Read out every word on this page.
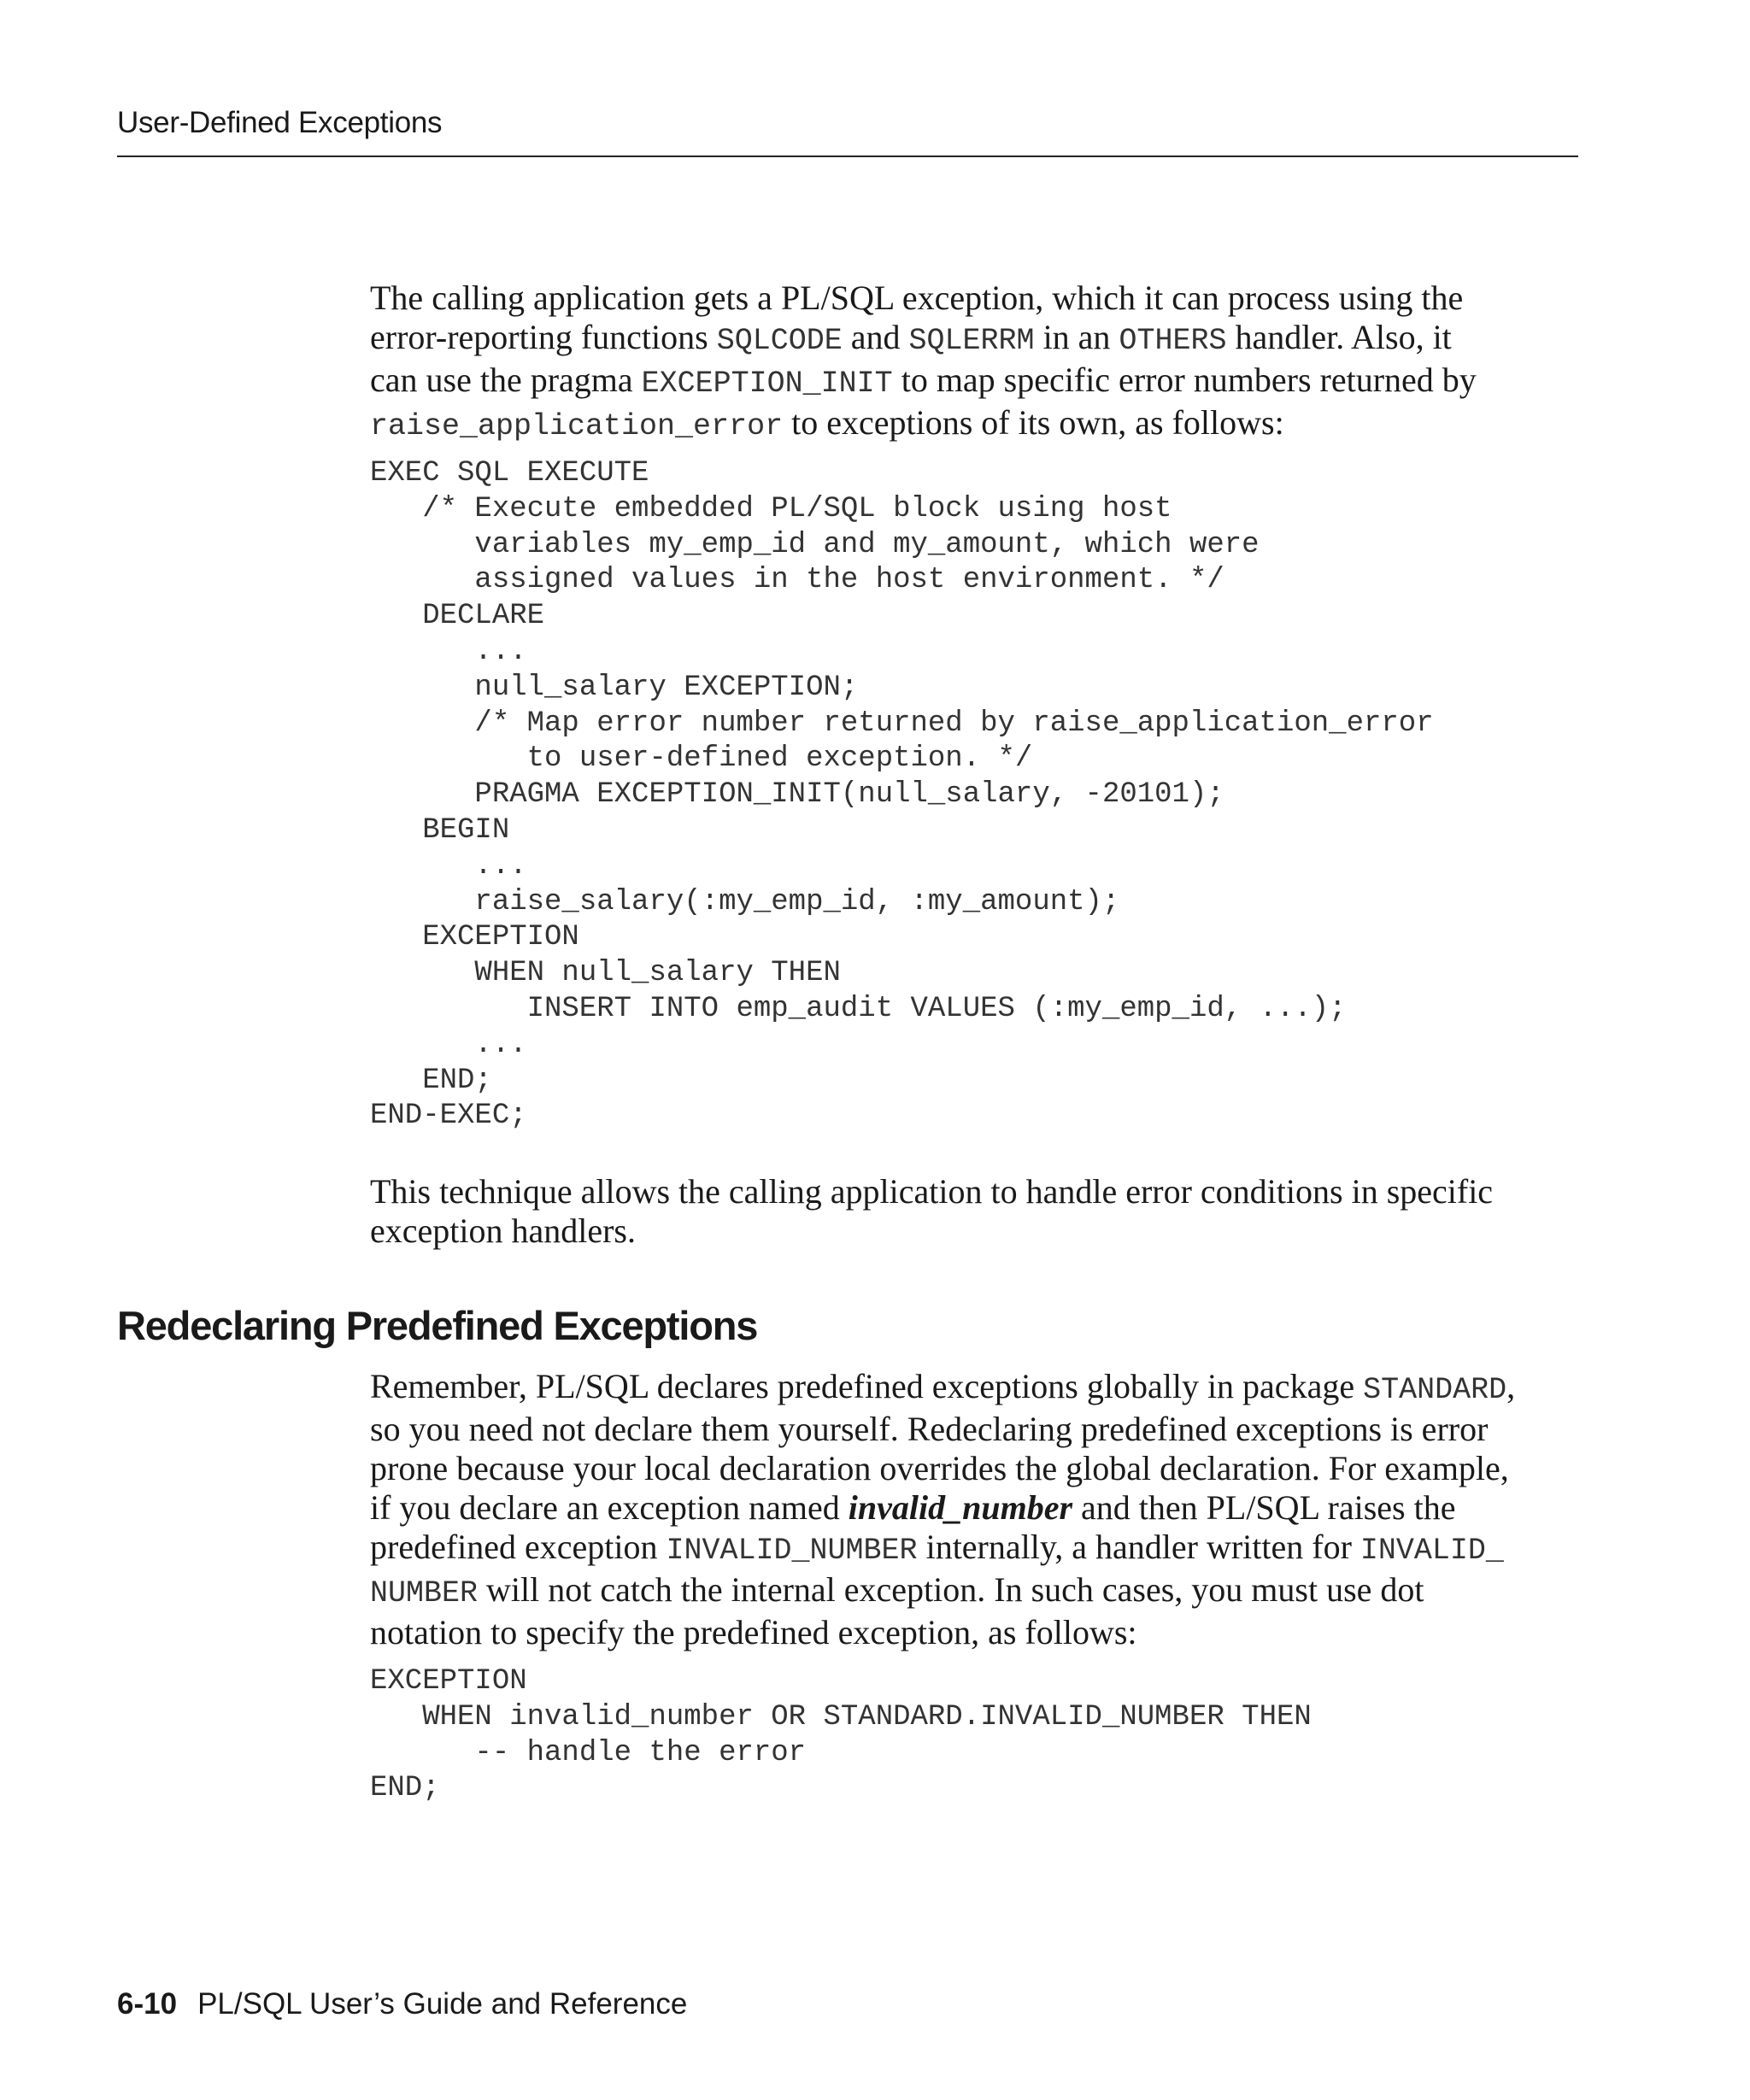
User-Defined Exceptions
The calling application gets a PL/SQL exception, which it can process using the
error-reporting functions SQLCODE and SQLERRM in an OTHERS handler. Also, it
can use the pragma EXCEPTION_INIT to map specific error numbers returned by
raise_application_error to exceptions of its own, as follows:
EXEC SQL EXECUTE
/* Execute embedded PL/SQL block using host
variables my_emp_id and my_amount, which were
assigned values in the host environment. */
DECLARE
...
null_salary EXCEPTION;
/* Map error number returned by raise_application_error
to user-defined exception. */
PRAGMA EXCEPTION_INIT(null_salary, -20101);
BEGIN
...
raise_salary(:my_emp_id, :my_amount);
EXCEPTION
WHEN null_salary THEN
INSERT INTO emp_audit VALUES (:my_emp_id, ...);
...
END;
END-EXEC;
This technique allows the calling application to handle error conditions in specific
exception handlers.
Redeclaring Predefined Exceptions
Remember, PL/SQL declares predefined exceptions globally in package STANDARD,
so you need not declare them yourself. Redeclaring predefined exceptions is error
prone because your local declaration overrides the global declaration. For example,
if you declare an exception named invalid_number and then PL/SQL raises the
predefined exception INVALID_NUMBER internally, a handler written for INVALID_
NUMBER will not catch the internal exception. In such cases, you must use dot
notation to specify the predefined exception, as follows:
EXCEPTION
WHEN invalid_number OR STANDARD.INVALID_NUMBER THEN
-- handle the error
END;
6-10 PL/SQL User’s Guide and Reference
